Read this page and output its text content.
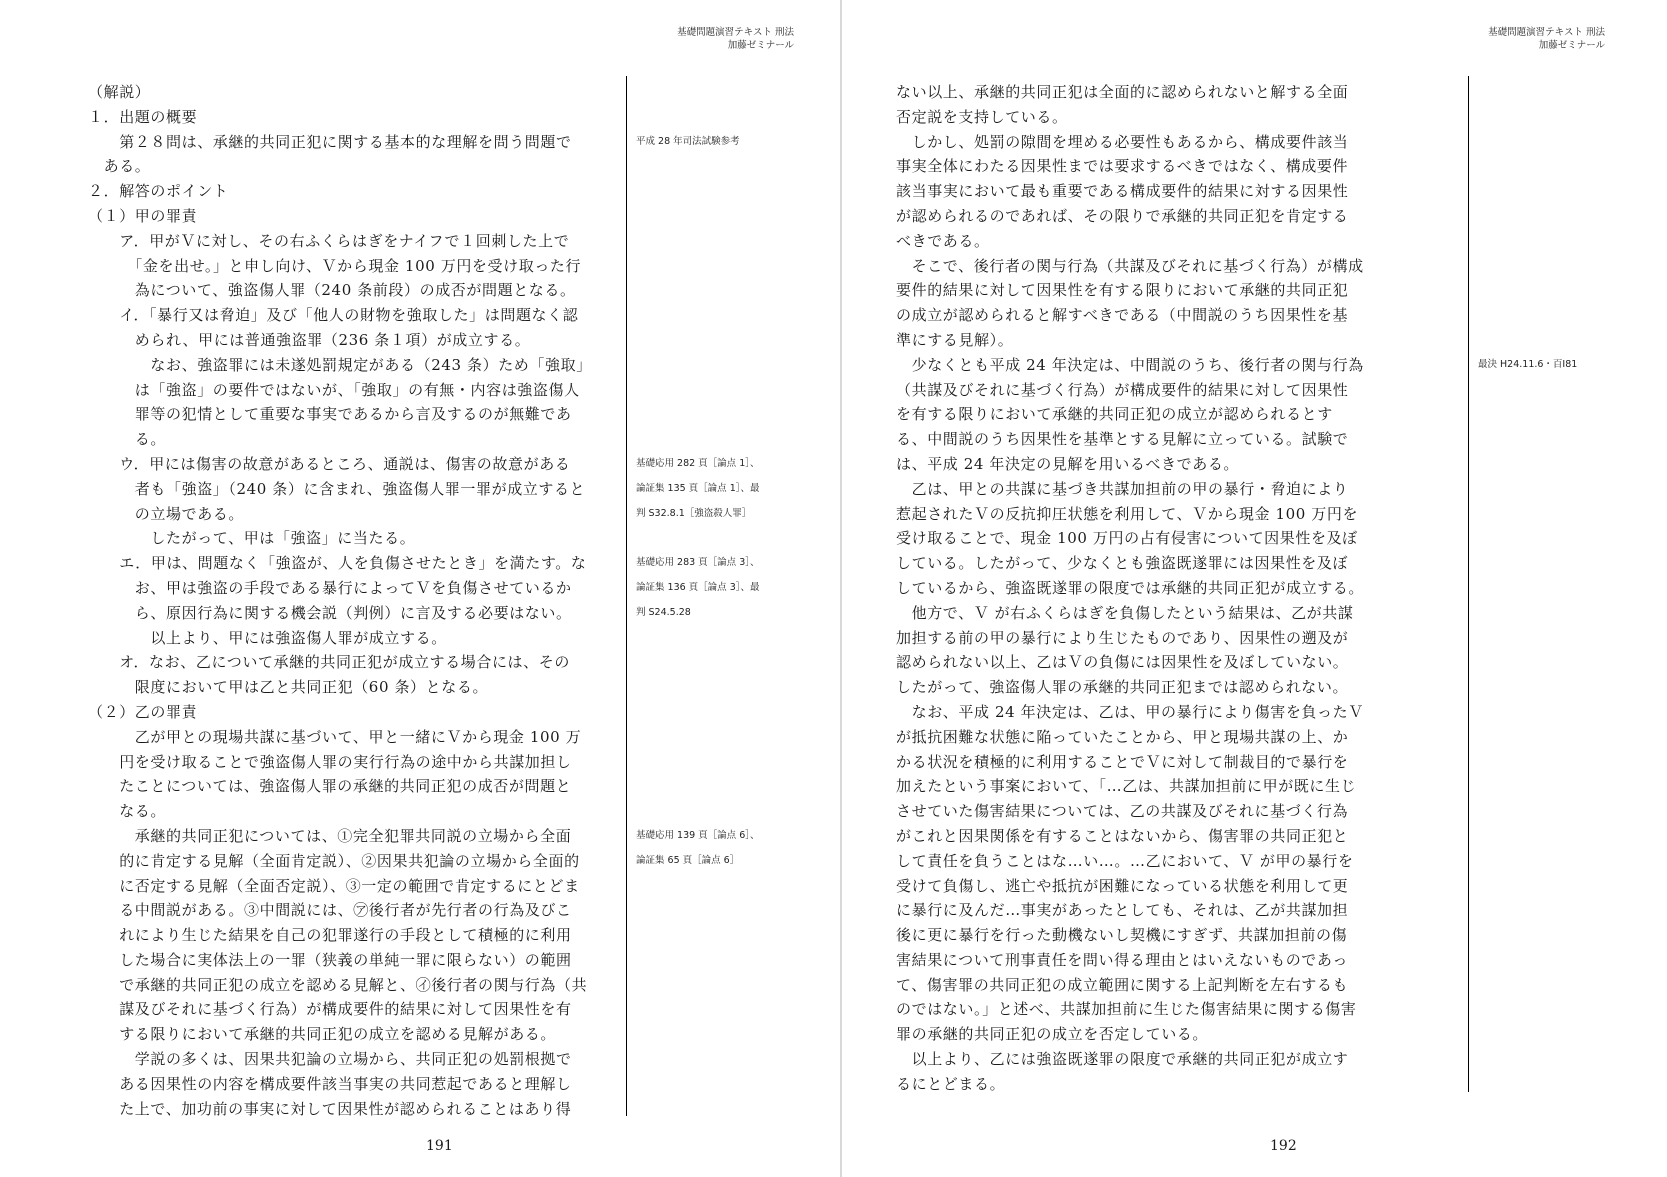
基礎問題演習テキスト 刑法
加藤ゼミナール
（解説）
１．出題の概要
　　第２８問は、承継的共同正犯に関する基本的な理解を問う問題で
　ある。
２．解答のポイント
（１）甲の罪責
　　ア．甲がＶに対し、その右ふくらはぎをナイフで１回刺した上で
　　　「金を出せ。」と申し向け、Ｖから現金 100 万円を受け取った行
　　　為について、強盗傷人罪（240 条前段）の成否が問題となる。
　　イ．「暴行又は脅迫」及び「他人の財物を強取した」は問題なく認
　　　められ、甲には普通強盗罪（236 条１項）が成立する。
　　　　なお、強盗罪には未遂処罰規定がある（243 条）ため「強取」
　　　は「強盗」の要件ではないが、「強取」の有無・内容は強盗傷人
　　　罪等の犯情として重要な事実であるから言及するのが無難であ
　　　る。
　　ウ．甲には傷害の故意があるところ、通説は、傷害の故意がある
　　　者も「強盗」（240 条）に含まれ、強盗傷人罪一罪が成立すると
　　　の立場である。
　　　　したがって、甲は「強盗」に当たる。
　　エ．甲は、問題なく「強盗が、人を負傷させたとき」を満たす。な
　　　お、甲は強盗の手段である暴行によってＶを負傷させているか
　　　ら、原因行為に関する機会説（判例）に言及する必要はない。
　　　　以上より、甲には強盗傷人罪が成立する。
　　オ．なお、乙について承継的共同正犯が成立する場合には、その
　　　限度において甲は乙と共同正犯（60 条）となる。
（２）乙の罪責
　　　乙が甲との現場共謀に基づいて、甲と一緒にＶから現金 100 万
　　円を受け取ることで強盗傷人罪の実行行為の途中から共謀加担し
　　たことについては、強盗傷人罪の承継的共同正犯の成否が問題と
　　なる。
　　　承継的共同正犯については、①完全犯罪共同説の立場から全面
　　的に肯定する見解（全面肯定説）、②因果共犯論の立場から全面的
　　に否定する見解（全面否定説）、③一定の範囲で肯定するにとどま
　　る中間説がある。③中間説には、㋐後行者が先行者の行為及びこ
　　れにより生じた結果を自己の犯罪遂行の手段として積極的に利用
　　した場合に実体法上の一罪（狭義の単純一罪に限らない）の範囲
　　で承継的共同正犯の成立を認める見解と、㋑後行者の関与行為（共
　　謀及びそれに基づく行為）が構成要件的結果に対して因果性を有
　　する限りにおいて承継的共同正犯の成立を認める見解がある。
　　　学説の多くは、因果共犯論の立場から、共同正犯の処罰根拠で
　　ある因果性の内容を構成要件該当事実の共同惹起であると理解し
　　た上で、加功前の事実に対して因果性が認められることはあり得
平成 28 年司法試験参考
基礎応用 282 頁［論点 1］、
論証集 135 頁［論点 1］、最
判 S32.8.1［強盗殺人罪］
基礎応用 283 頁［論点 3］、
論証集 136 頁［論点 3］、最
判 S24.5.28
基礎応用 139 頁［論点 6］、
論証集 65 頁［論点 6］
191
基礎問題演習テキスト 刑法
加藤ゼミナール
ない以上、承継的共同正犯は全面的に認められないと解する全面
否定説を支持している。
　しかし、処罰の隙間を埋める必要性もあるから、構成要件該当
事実全体にわたる因果性までは要求するべきではなく、構成要件
該当事実において最も重要である構成要件的結果に対する因果性
が認められるのであれば、その限りで承継的共同正犯を肯定する
べきである。
　そこで、後行者の関与行為（共謀及びそれに基づく行為）が構成
要件的結果に対して因果性を有する限りにおいて承継的共同正犯
の成立が認められると解すべきである（中間説のうち因果性を基
準にする見解）。
　少なくとも平成 24 年決定は、中間説のうち、後行者の関与行為
（共謀及びそれに基づく行為）が構成要件的結果に対して因果性
を有する限りにおいて承継的共同正犯の成立が認められるとす
る、中間説のうち因果性を基準とする見解に立っている。試験で
は、平成 24 年決定の見解を用いるべきである。
　乙は、甲との共謀に基づき共謀加担前の甲の暴行・脅迫により
惹起されたＶの反抗抑圧状態を利用して、Ｖから現金 100 万円を
受け取ることで、現金 100 万円の占有侵害について因果性を及ぼ
している。したがって、少なくとも強盗既遂罪には因果性を及ぼ
しているから、強盗既遂罪の限度では承継的共同正犯が成立する。
　他方で、Ｖ が右ふくらはぎを負傷したという結果は、乙が共謀
加担する前の甲の暴行により生じたものであり、因果性の遡及が
認められない以上、乙はＶの負傷には因果性を及ぼしていない。
したがって、強盗傷人罪の承継的共同正犯までは認められない。
　なお、平成 24 年決定は、乙は、甲の暴行により傷害を負ったＶ
が抵抗困難な状態に陥っていたことから、甲と現場共謀の上、か
かる状況を積極的に利用することでＶに対して制裁目的で暴行を
加えたという事案において、「…乙は、共謀加担前に甲が既に生じ
させていた傷害結果については、乙の共謀及びそれに基づく行為
がこれと因果関係を有することはないから、傷害罪の共同正犯と
して責任を負うことはな…い…。…乙において、Ｖ が甲の暴行を
受けて負傷し、逃亡や抵抗が困難になっている状態を利用して更
に暴行に及んだ…事実があったとしても、それは、乙が共謀加担
後に更に暴行を行った動機ないし契機にすぎず、共謀加担前の傷
害結果について刑事責任を問い得る理由とはいえないものであっ
て、傷害罪の共同正犯の成立範囲に関する上記判断を左右するも
のではない。」と述べ、共謀加担前に生じた傷害結果に関する傷害
罪の承継的共同正犯の成立を否定している。
　以上より、乙には強盗既遂罪の限度で承継的共同正犯が成立す
るにとどまる。
最決 H24.11.6・百Ⅰ81
192
